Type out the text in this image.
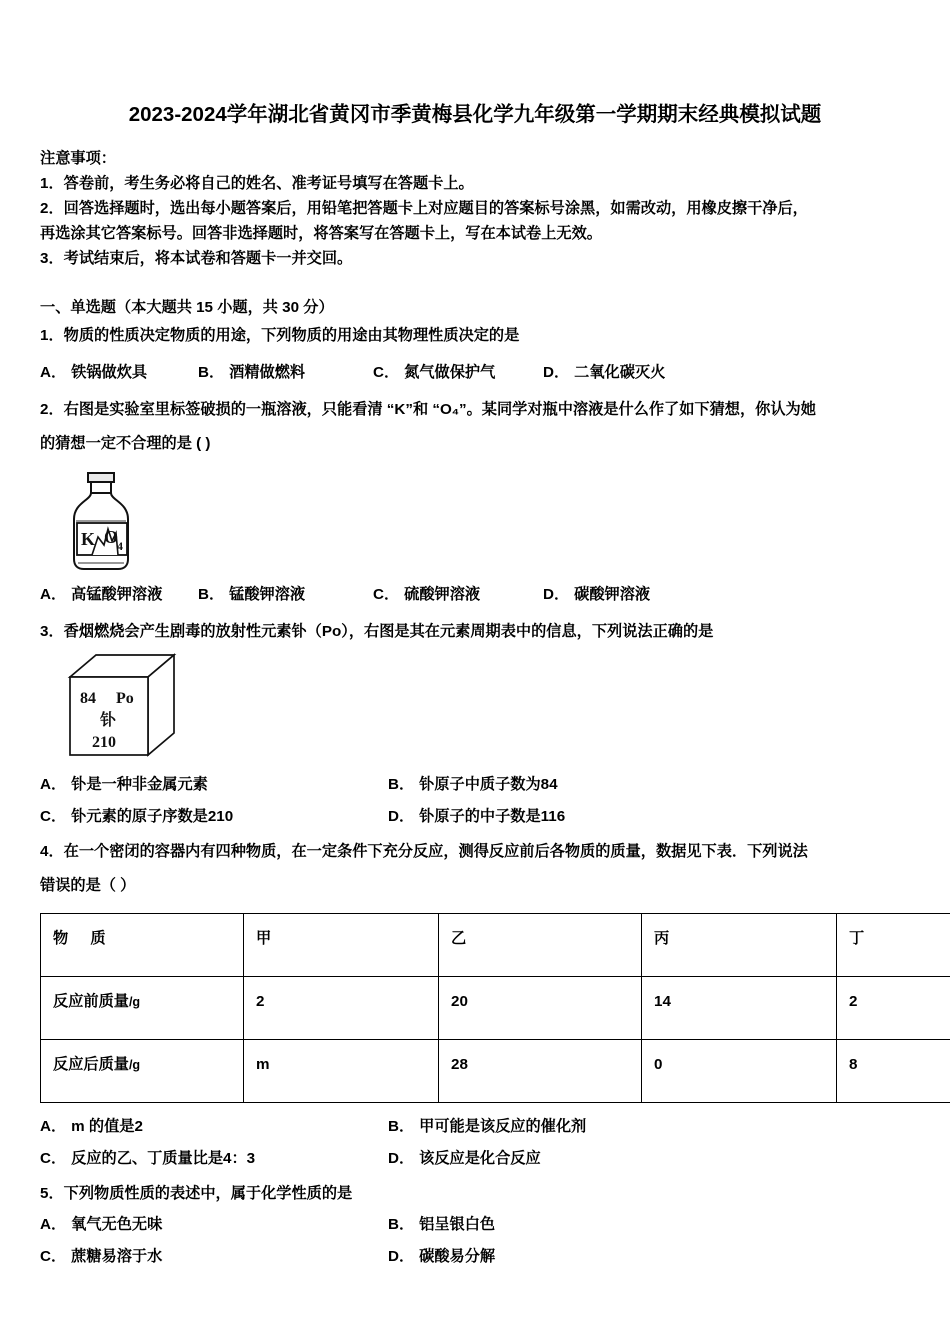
2023-2024学年湖北省黄冈市季黄梅县化学九年级第一学期期末经典模拟试题

注意事项：

1．答卷前，考生务必将自己的姓名、准考证号填写在答题卡上。

2．回答选择题时，选出每小题答案后，用铅笔把答题卡上对应题目的答案标号涂黑，如需改动，用橡皮擦干净后，

再选涂其它答案标号。回答非选择题时，将答案写在答题卡上，写在本试卷上无效。

3．考试结束后，将本试卷和答题卡一并交回。

一、单选题（本大题共 15 小题，共 30 分）

1．物质的性质决定物质的用途，下列物质的用途由其物理性质决定的是

A． 铁锅做炊具	B． 酒精做燃料	C． 氮气做保护气	D． 二氧化碳灭火

2．右图是实验室里标签破损的一瓶溶液，只能看清 “K”和 “O₄”。某同学对瓶中溶液是什么作了如下猜想，你认为她

的猜想一定不合理的是 ( )

K O
4
A． 高锰酸钾溶液	B． 锰酸钾溶液	C． 硫酸钾溶液	D． 碳酸钾溶液

3．香烟燃烧会产生剧毒的放射性元素钋（Po），右图是其在元素周期表中的信息，下列说法正确的是

84 Po
钋
210
A． 钋是一种非金属元素	B． 钋原子中质子数为84
C． 钋元素的原子序数是210	D． 钋原子的中子数是116

4．在一个密闭的容器内有四种物质，在一定条件下充分反应，测得反应前后各物质的质量，数据见下表．下列说法

错误的是（ ）

物 质	甲	乙	丙	丁
反应前质量/g	2	20	14	2
反应后质量/g	m	28	0	8
A． m 的值是2	B． 甲可能是该反应的催化剂
C． 反应的乙、丁质量比是4：3	D． 该反应是化合反应

5．下列物质性质的表述中，属于化学性质的是

A． 氧气无色无味	B． 铝呈银白色
C． 蔗糖易溶于水	D． 碳酸易分解
